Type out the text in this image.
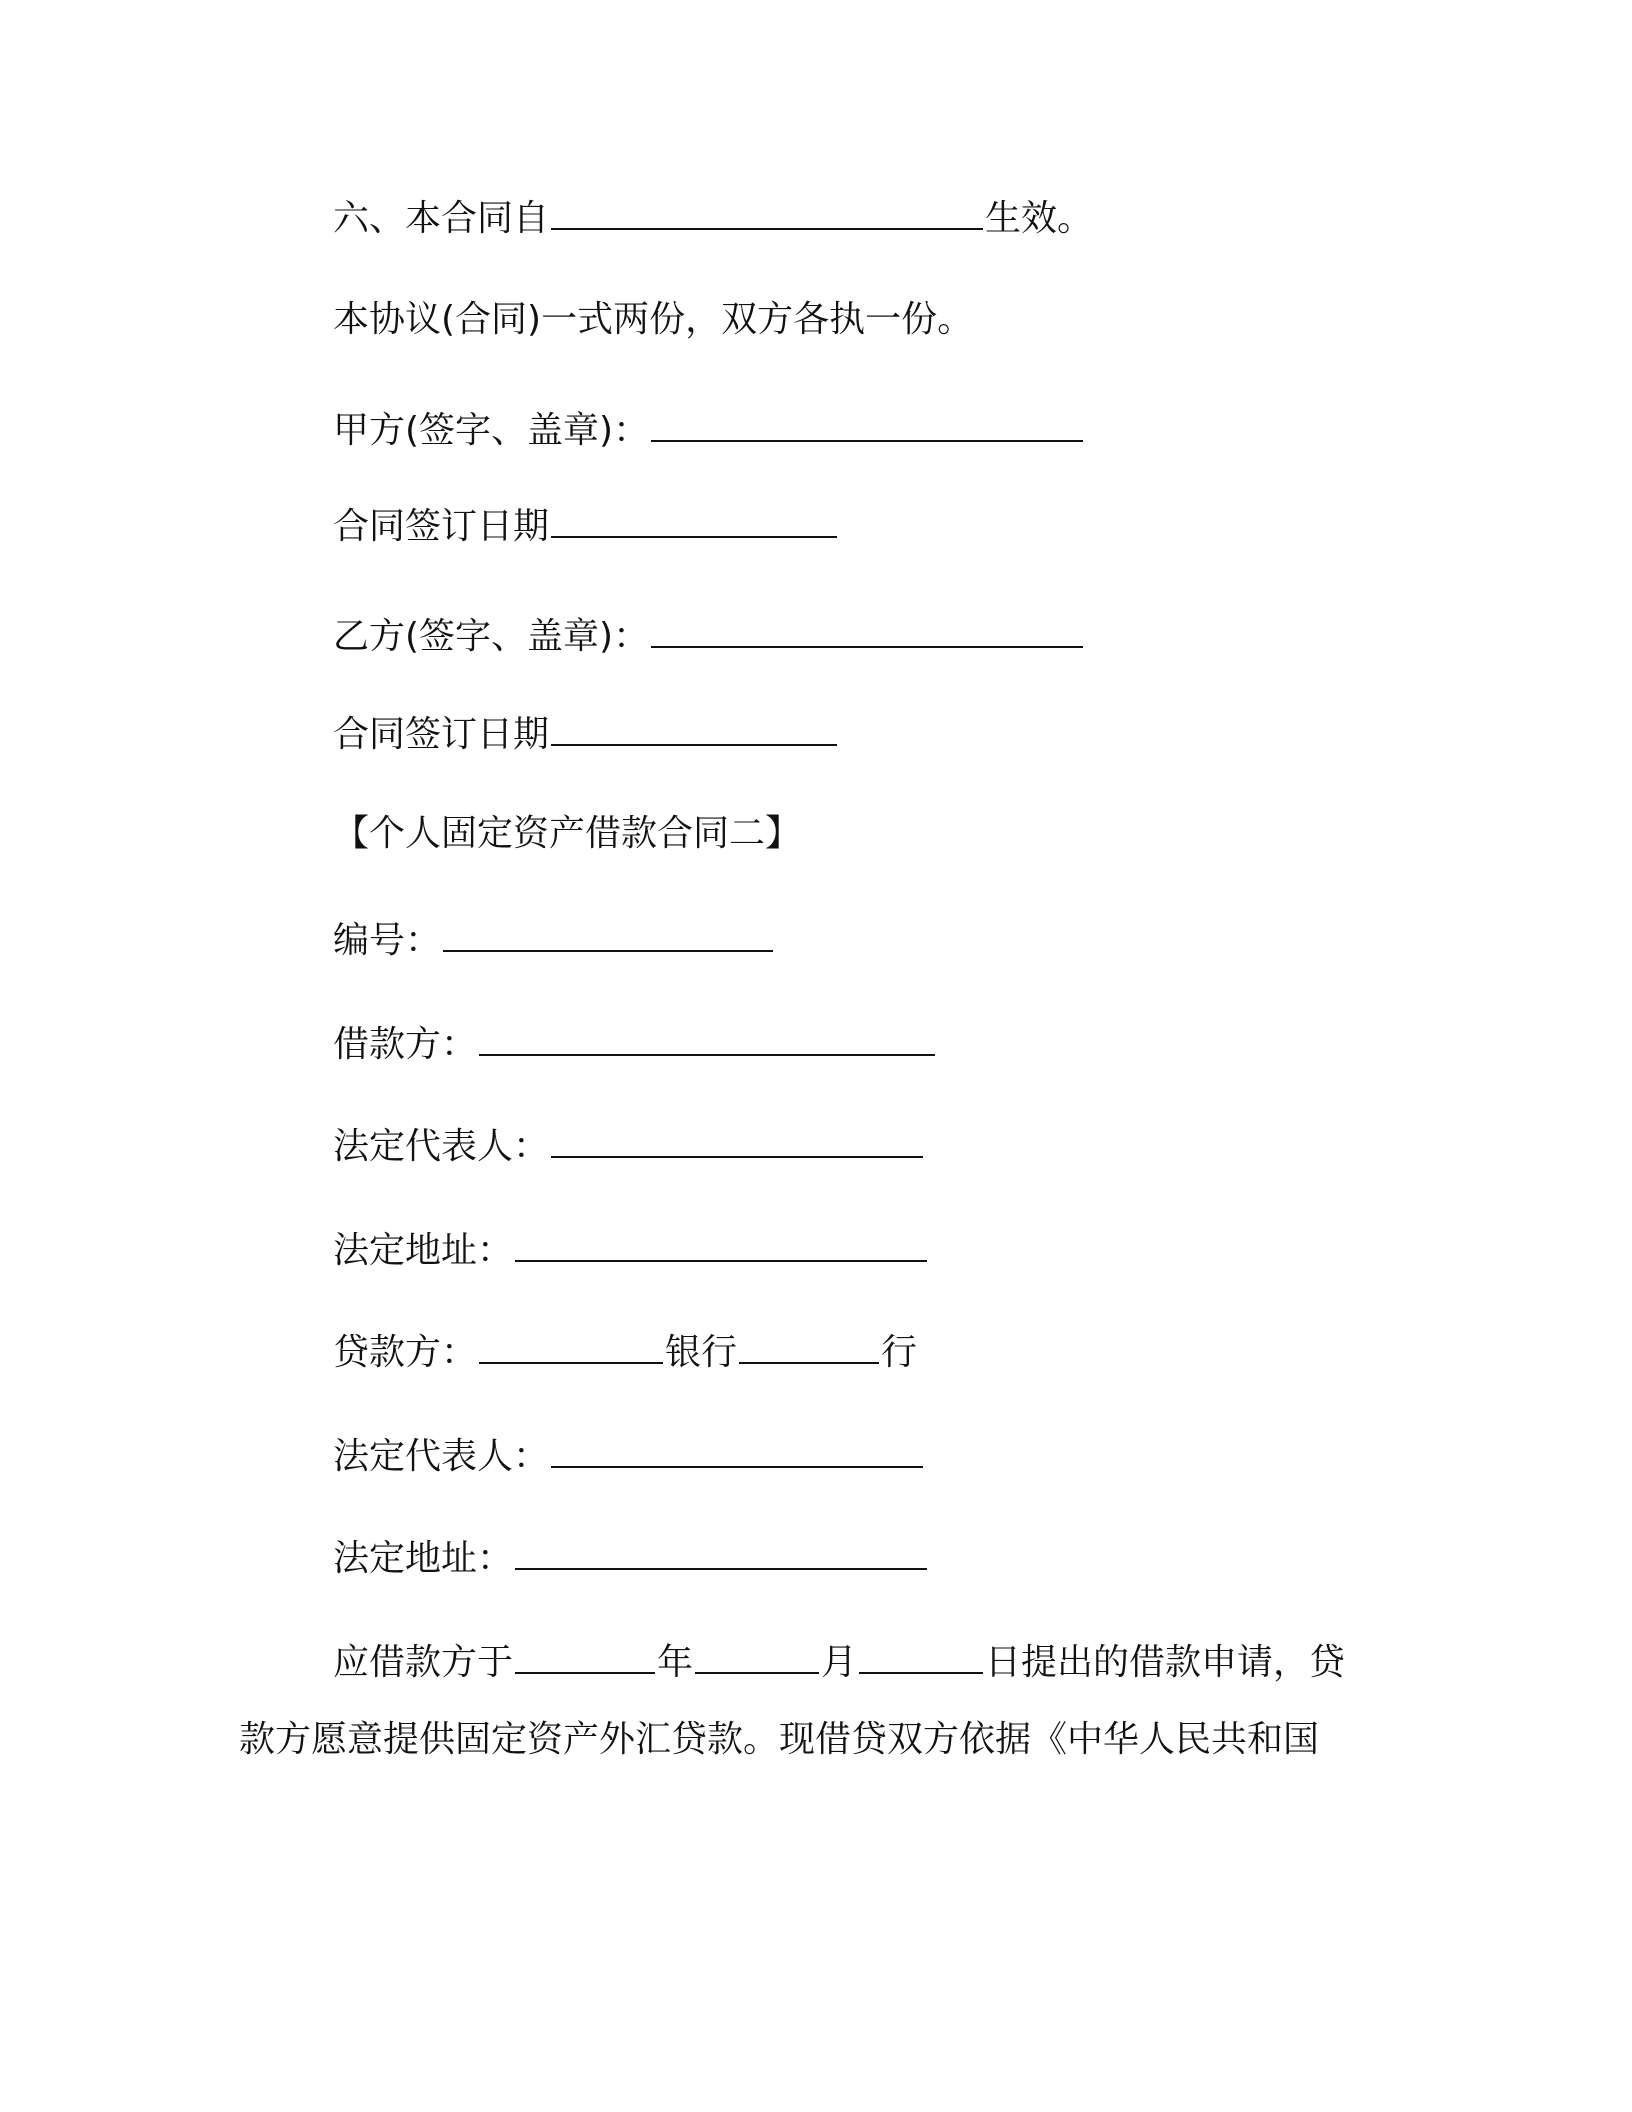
六、本合同自	生效。
本协议(合同)一式两份，双方各执一份。
甲方(签字、盖章)：
合同签订日期
乙方(签字、盖章)：
合同签订日期
【个人固定资产借款合同二】
编号：
借款方：
法定代表人：
法定地址：
贷款方：	银行	行
法定代表人：
法定地址：
应借款方于	年	月	日提出的借款申请，贷
款方愿意提供固定资产外汇贷款。现借贷双方依据《中华人民共和国
